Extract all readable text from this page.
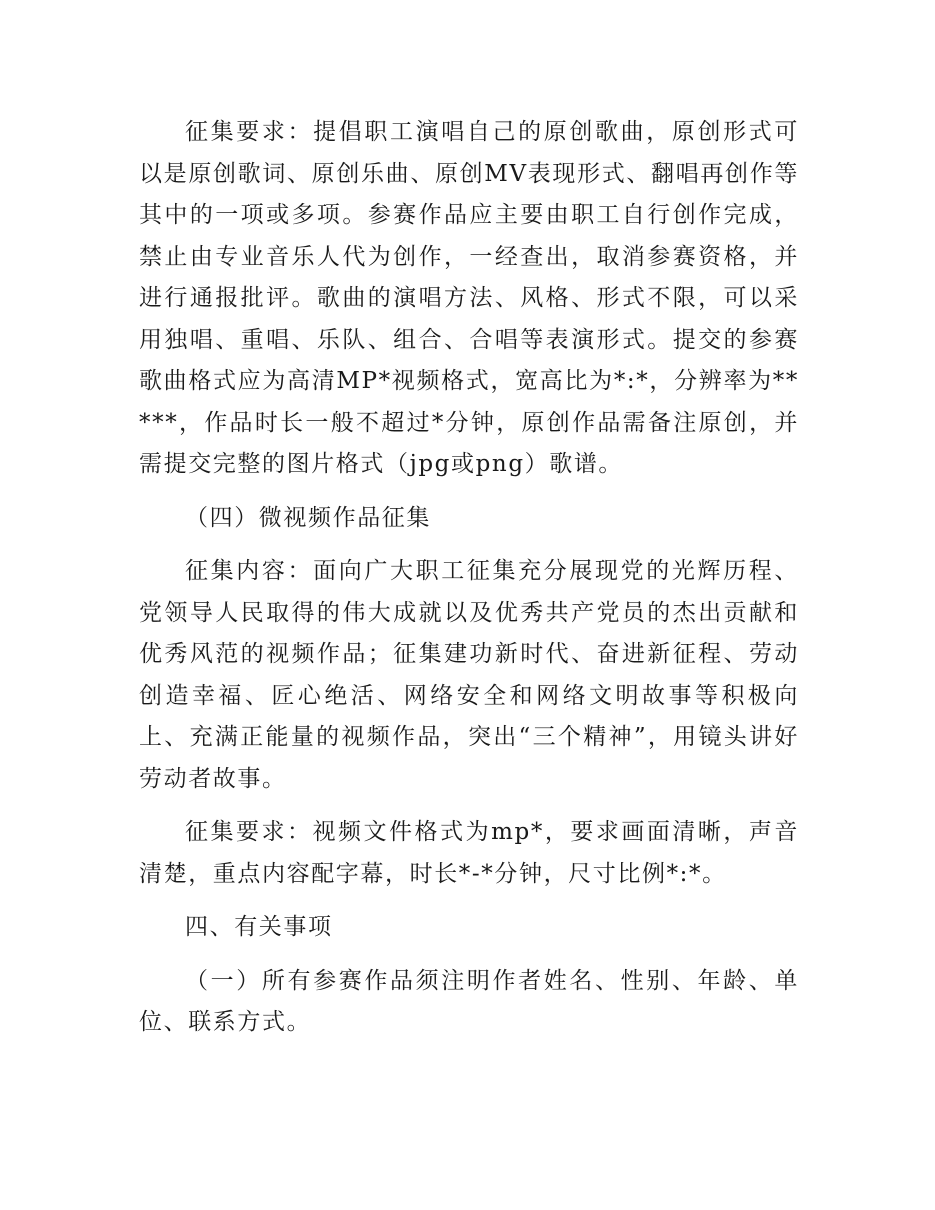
征集要求：提倡职工演唱自己的原创歌曲，原创形式可以是原创歌词、原创乐曲、原创MV表现形式、翻唱再创作等其中的一项或多项。参赛作品应主要由职工自行创作完成，禁止由专业音乐人代为创作，一经查出，取消参赛资格，并进行通报批评。歌曲的演唱方法、风格、形式不限，可以采用独唱、重唱、乐队、组合、合唱等表演形式。提交的参赛歌曲格式应为高清MP*视频格式，宽高比为*:*，分辨率为*****，作品时长一般不超过*分钟，原创作品需备注原创，并需提交完整的图片格式（jpg或png）歌谱。

（四）微视频作品征集

征集内容：面向广大职工征集充分展现党的光辉历程、党领导人民取得的伟大成就以及优秀共产党员的杰出贡献和优秀风范的视频作品；征集建功新时代、奋进新征程、劳动创造幸福、匠心绝活、网络安全和网络文明故事等积极向上、充满正能量的视频作品，突出“三个精神”，用镜头讲好劳动者故事。

征集要求：视频文件格式为mp*，要求画面清晰，声音清楚，重点内容配字幕，时长*-*分钟，尺寸比例*:*。

四、有关事项

（一）所有参赛作品须注明作者姓名、性别、年龄、单位、联系方式。
